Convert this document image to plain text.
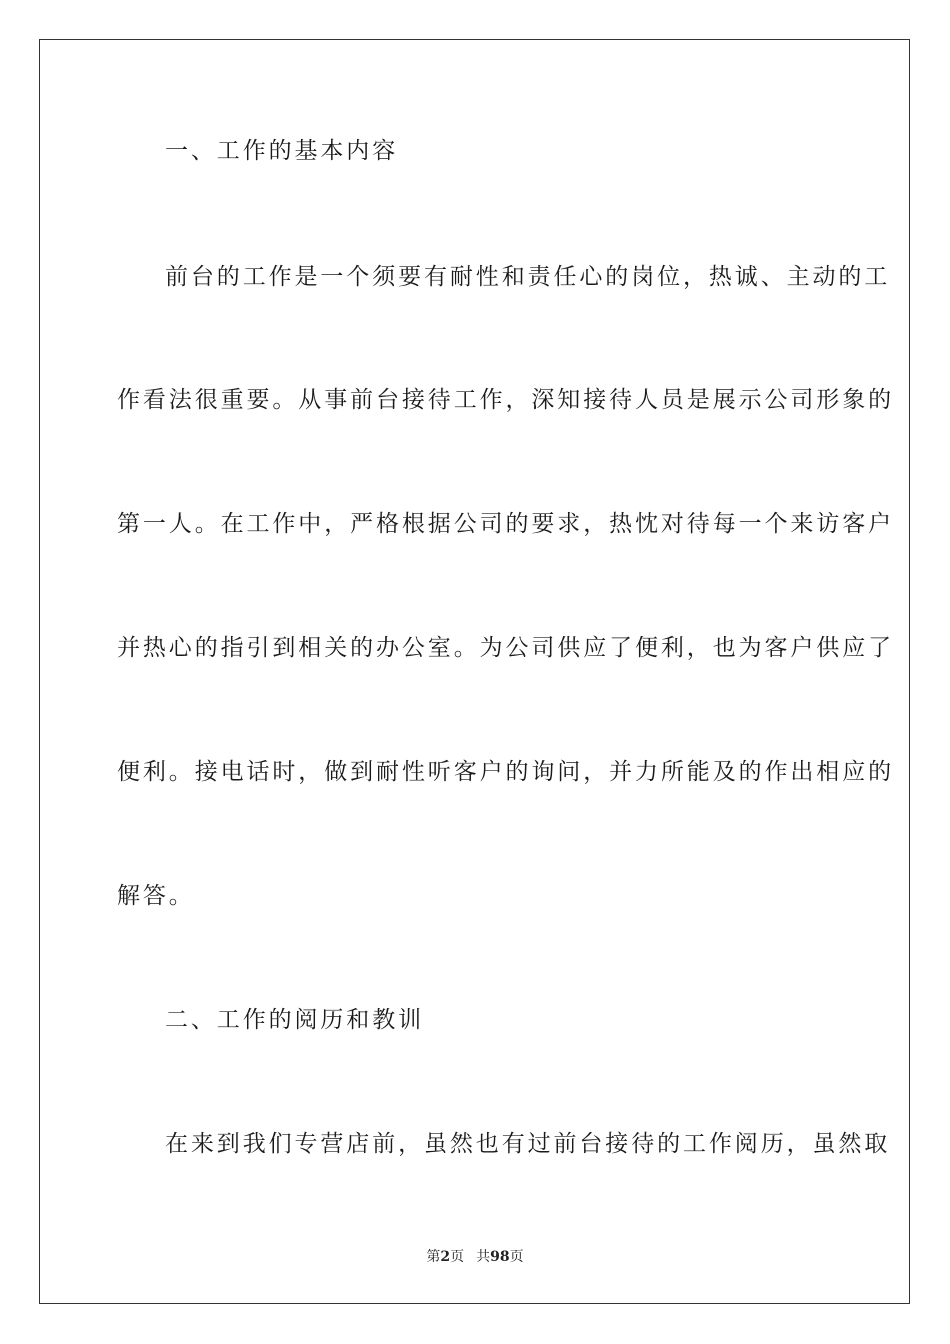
一、工作的基本内容
前台的工作是一个须要有耐性和责任心的岗位，热诚、主动的工
作看法很重要。从事前台接待工作，深知接待人员是展示公司形象的
第一人。在工作中，严格根据公司的要求，热忱对待每一个来访客户
并热心的指引到相关的办公室。为公司供应了便利，也为客户供应了
便利。接电话时，做到耐性听客户的询问，并力所能及的作出相应的
解答。
二、工作的阅历和教训
在来到我们专营店前，虽然也有过前台接待的工作阅历，虽然取
第2页 共98页
